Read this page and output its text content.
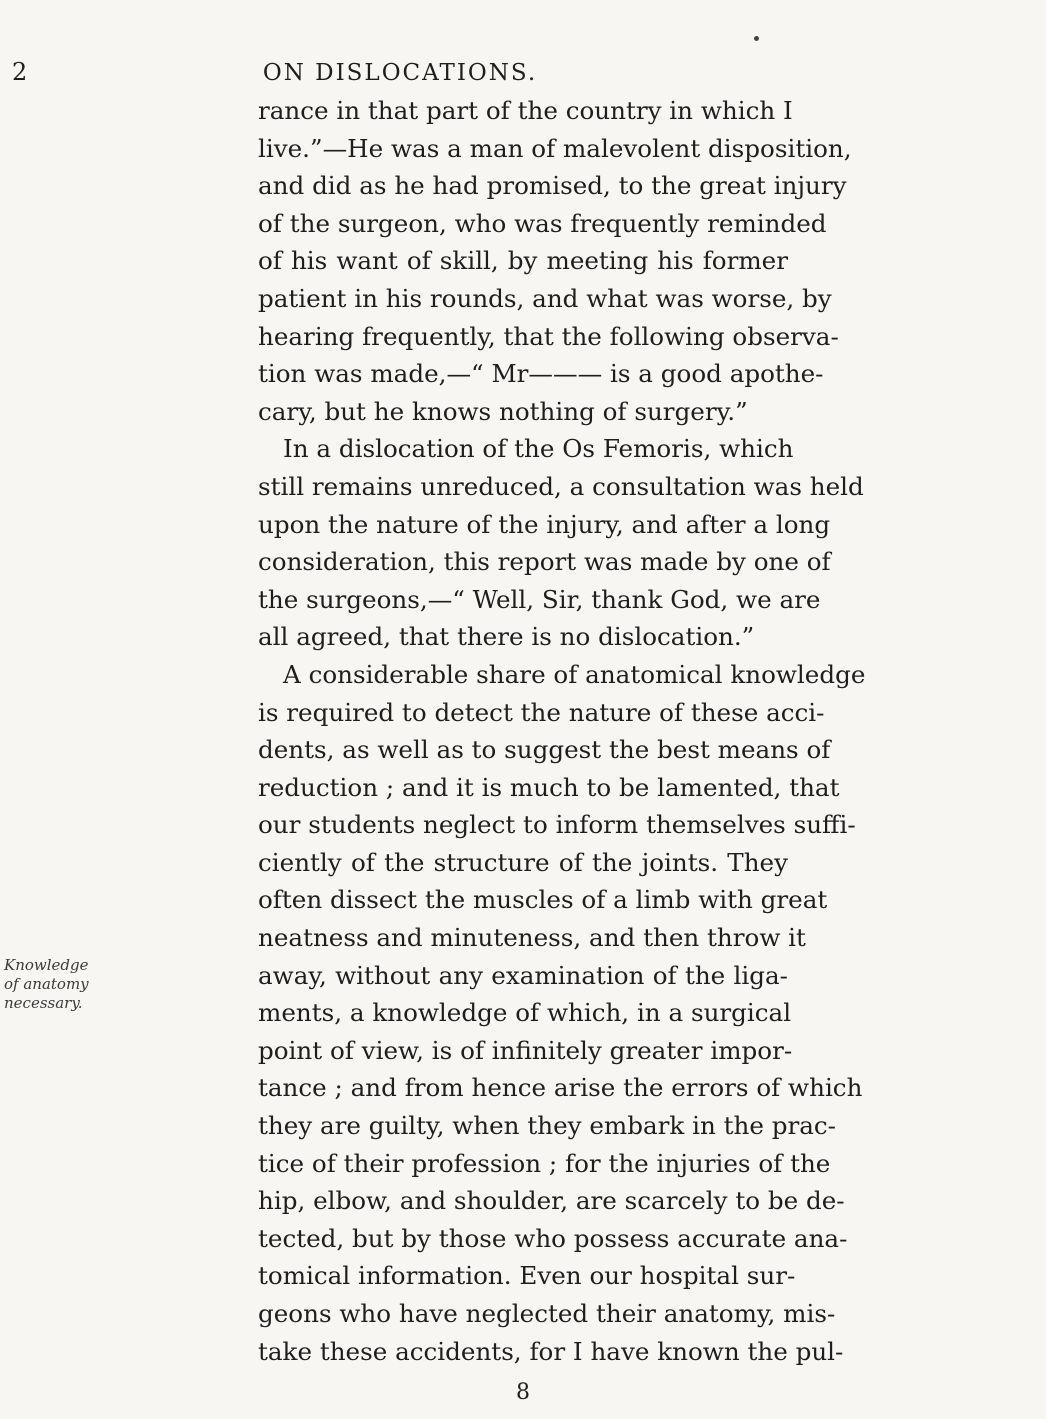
2	ON DISLOCATIONS.
Knowledge
of anatomy
necessary.
rance in that part of the country in which I
live.”—He was a man of malevolent disposition,
and did as he had promised, to the great injury
of the surgeon, who was frequently reminded
of his want of skill, by meeting his former
patient in his rounds, and what was worse, by
hearing frequently, that the following observa-
tion was made,—“ Mr——— is a good apothe-
cary, but he knows nothing of surgery.”
In a dislocation of the Os Femoris, which
still remains unreduced, a consultation was held
upon the nature of the injury, and after a long
consideration, this report was made by one of
the surgeons,—“ Well, Sir, thank God, we are
all agreed, that there is no dislocation.”
A considerable share of anatomical knowledge
is required to detect the nature of these acci-
dents, as well as to suggest the best means of
reduction ; and it is much to be lamented, that
our students neglect to inform themselves suffi-
ciently of the structure of the joints. They
often dissect the muscles of a limb with great
neatness and minuteness, and then throw it
away, without any examination of the liga-
ments, a knowledge of which, in a surgical
point of view, is of infinitely greater impor-
tance ; and from hence arise the errors of which
they are guilty, when they embark in the prac-
tice of their profession ; for the injuries of the
hip, elbow, and shoulder, are scarcely to be de-
tected, but by those who possess accurate ana-
tomical information. Even our hospital sur-
geons who have neglected their anatomy, mis-
take these accidents, for I have known the pul-
8
